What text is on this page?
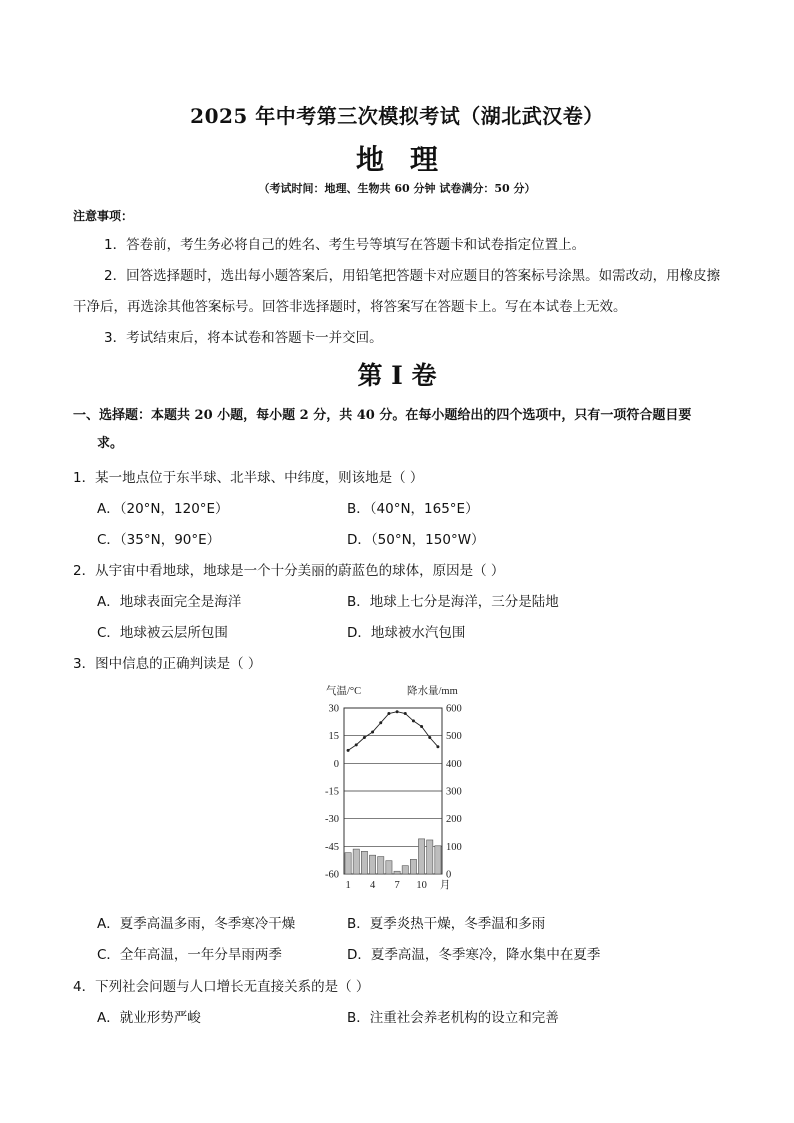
2025 年中考第三次模拟考试（湖北武汉卷）
地理
（考试时间：地理、生物共 60 分钟 试卷满分：50 分）
注意事项：
1．答卷前，考生务必将自己的姓名、考生号等填写在答题卡和试卷指定位置上。
2．回答选择题时，选出每小题答案后，用铅笔把答题卡对应题目的答案标号涂黑。如需改动，用橡皮擦干净后，再选涂其他答案标号。回答非选择题时，将答案写在答题卡上。写在本试卷上无效。
3．考试结束后，将本试卷和答题卡一并交回。
第 I 卷
一、选择题：本题共 20 小题，每小题 2 分，共 40 分。在每小题给出的四个选项中，只有一项符合题目要
求。
1．某一地点位于东半球、北半球、中纬度，则该地是（ ）
A．（20°N，120°E）	B．（40°N，165°E）
C．（35°N，90°E）	D．（50°N，150°W）
2．从宇宙中看地球，地球是一个十分美丽的蔚蓝色的球体，原因是（ ）
A．地球表面完全是海洋	B．地球上七分是海洋，三分是陆地
C．地球被云层所包围	D．地球被水汽包围
3．图中信息的正确判读是（ ）
气温/°C	降水量/mm
30
15
0
-15
-30
-45
-60
600
500
400
300
200
100
0
1 4 7 10 月
A．夏季高温多雨，冬季寒冷干燥	B．夏季炎热干燥，冬季温和多雨
C．全年高温，一年分旱雨两季	D．夏季高温，冬季寒冷，降水集中在夏季
4．下列社会问题与人口增长无直接关系的是（ ）
A．就业形势严峻	B．注重社会养老机构的设立和完善
